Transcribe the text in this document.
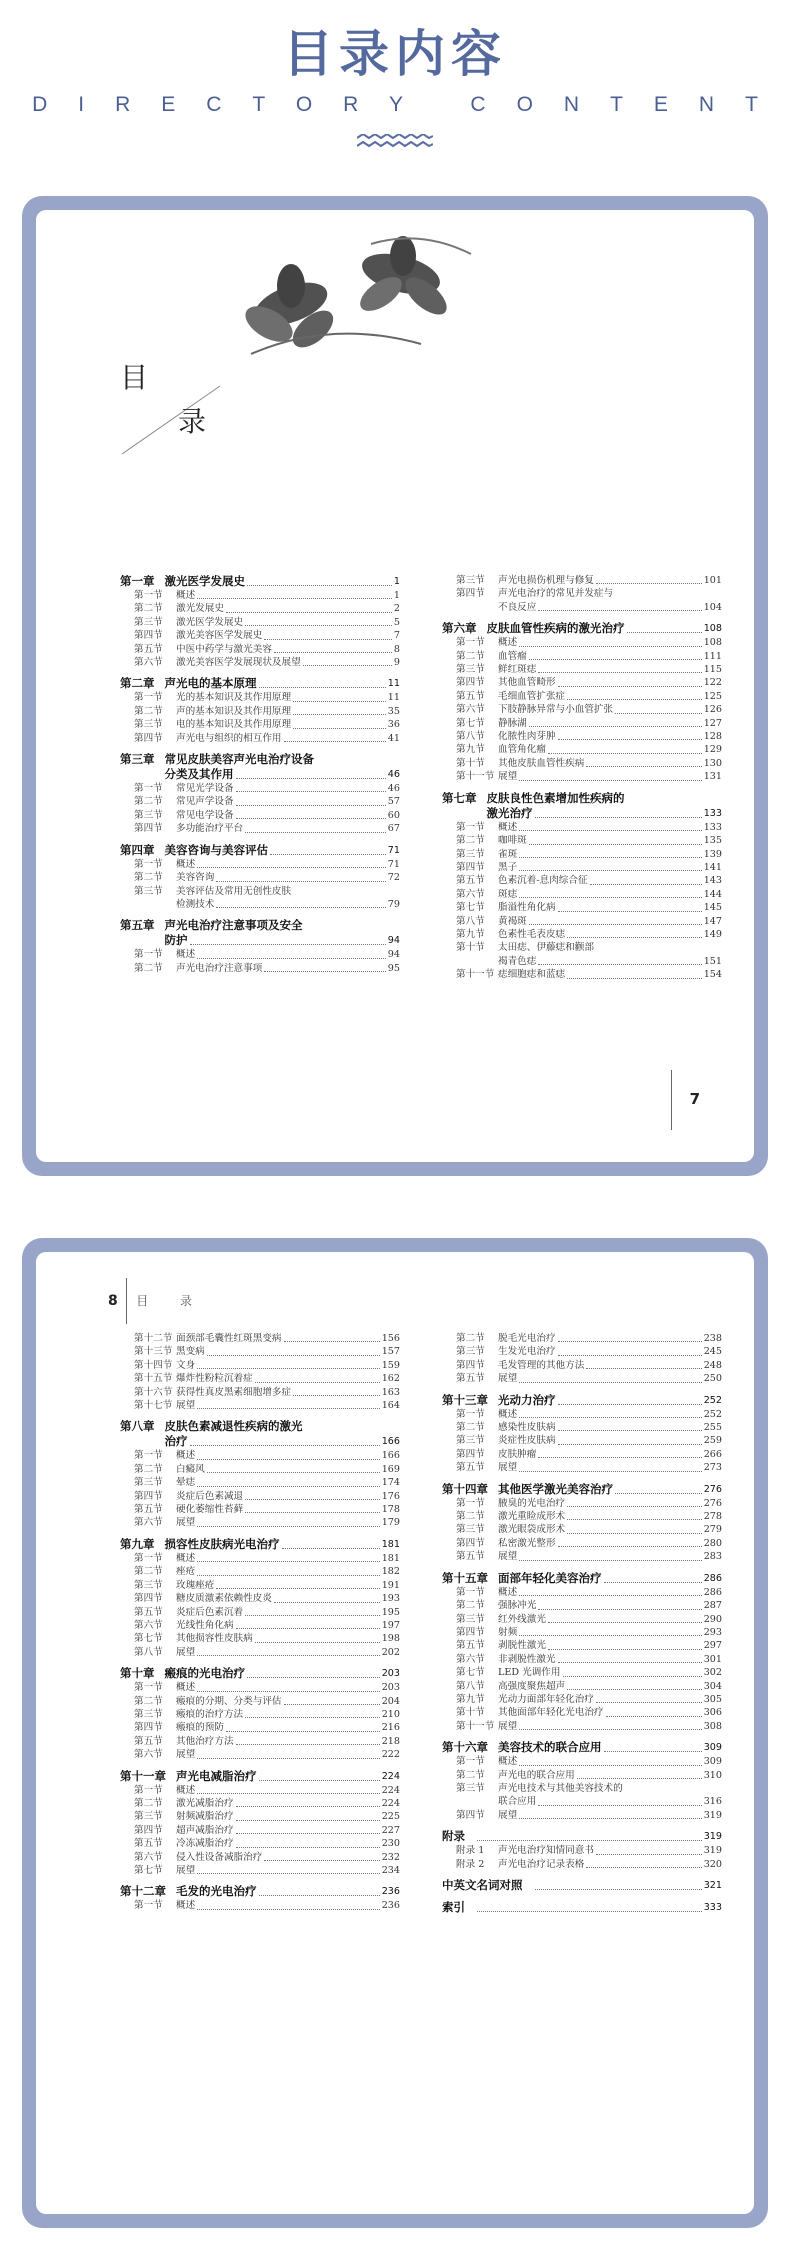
目录内容
DIRECTORY CONTENT
目
录
第一章 激光医学发展史	1
第一节	概述	1
第二节	激光发展史	2
第三节	激光医学发展史	5
第四节	激光美容医学发展史	7
第五节	中医中药学与激光美容	8
第六节	激光美容医学发展现状及展望	9
第二章 声光电的基本原理	11
第一节	光的基本知识及其作用原理	11
第二节	声的基本知识及其作用原理	35
第三节	电的基本知识及其作用原理	36
第四节	声光电与组织的相互作用	41
第三章 常见皮肤美容声光电治疗设备
分类及其作用	46
第一节	常见光学设备	46
第二节	常见声学设备	57
第三节	常见电学设备	60
第四节	多功能治疗平台	67
第四章 美容咨询与美容评估	71
第一节	概述	71
第二节	美容咨询	72
第三节	美容评估及常用无创性皮肤
检测技术	79
第五章 声光电治疗注意事项及安全
防护	94
第一节	概述	94
第二节	声光电治疗注意事项	95
第三节	声光电损伤机理与修复	101
第四节	声光电治疗的常见并发症与
不良反应	104
第六章 皮肤血管性疾病的激光治疗	108
第一节	概述	108
第二节	血管瘤	111
第三节	鲜红斑痣	115
第四节	其他血管畸形	122
第五节	毛细血管扩张症	125
第六节	下肢静脉异常与小血管扩张	126
第七节	静脉湖	127
第八节	化脓性肉芽肿	128
第九节	血管角化瘤	129
第十节	其他皮肤血管性疾病	130
第十一节 展望	131
第七章 皮肤良性色素增加性疾病的
激光治疗	133
第一节	概述	133
第二节	咖啡斑	135
第三节	雀斑	139
第四节	黑子	141
第五节	色素沉着-息肉综合征	143
第六节	斑痣	144
第七节	脂溢性角化病	145
第八节	黄褐斑	147
第九节	色素性毛表皮痣	149
第十节	太田痣、伊藤痣和颧部
褐青色痣	151
第十一节 痣细胞痣和蓝痣	154
7
8 目 录
第十二节 面颈部毛囊性红斑黑变病	156
第十三节 黑变病	157
第十四节 文身	159
第十五节 爆炸性粉粒沉着症	162
第十六节 获得性真皮黑素细胞增多症	163
第十七节 展望	164
第八章 皮肤色素减退性疾病的激光
治疗	166
第一节	概述	166
第二节	白癜风	169
第三节	晕痣	174
第四节	炎症后色素减退	176
第五节	硬化萎缩性苔藓	178
第六节	展望	179
第九章 损容性皮肤病光电治疗	181
第一节	概述	181
第二节	痤疮	182
第三节	玫瑰痤疮	191
第四节	糖皮质激素依赖性皮炎	193
第五节	炎症后色素沉着	195
第六节	光线性角化病	197
第七节	其他损容性皮肤病	198
第八节	展望	202
第十章 瘢痕的光电治疗	203
第一节	概述	203
第二节	瘢痕的分期、分类与评估	204
第三节	瘢痕的治疗方法	210
第四节	瘢痕的预防	216
第五节	其他治疗方法	218
第六节	展望	222
第十一章 声光电减脂治疗	224
第一节	概述	224
第二节	激光减脂治疗	224
第三节	射频减脂治疗	225
第四节	超声减脂治疗	227
第五节	冷冻减脂治疗	230
第六节	侵入性设备减脂治疗	232
第七节	展望	234
第十二章 毛发的光电治疗	236
第一节	概述	236
第二节	脱毛光电治疗	238
第三节	生发光电治疗	245
第四节	毛发管理的其他方法	248
第五节	展望	250
第十三章 光动力治疗	252
第一节	概述	252
第二节	感染性皮肤病	255
第三节	炎症性皮肤病	259
第四节	皮肤肿瘤	266
第五节	展望	273
第十四章 其他医学激光美容治疗	276
第一节	腋臭的光电治疗	276
第二节	激光重睑成形术	278
第三节	激光眼袋成形术	279
第四节	私密激光整形	280
第五节	展望	283
第十五章 面部年轻化美容治疗	286
第一节	概述	286
第二节	强脉冲光	287
第三节	红外线激光	290
第四节	射频	293
第五节	剥脱性激光	297
第六节	非剥脱性激光	301
第七节	LED 光调作用	302
第八节	高强度聚焦超声	304
第九节	光动力面部年轻化治疗	305
第十节	其他面部年轻化光电治疗	306
第十一节 展望	308
第十六章 美容技术的联合应用	309
第一节	概述	309
第二节	声光电的联合应用	310
第三节	声光电技术与其他美容技术的
联合应用	316
第四节	展望	319
附录	319
附录 1	声光电治疗知情同意书	319
附录 2	声光电治疗记录表格	320
中英文名词对照	321
索引	333
